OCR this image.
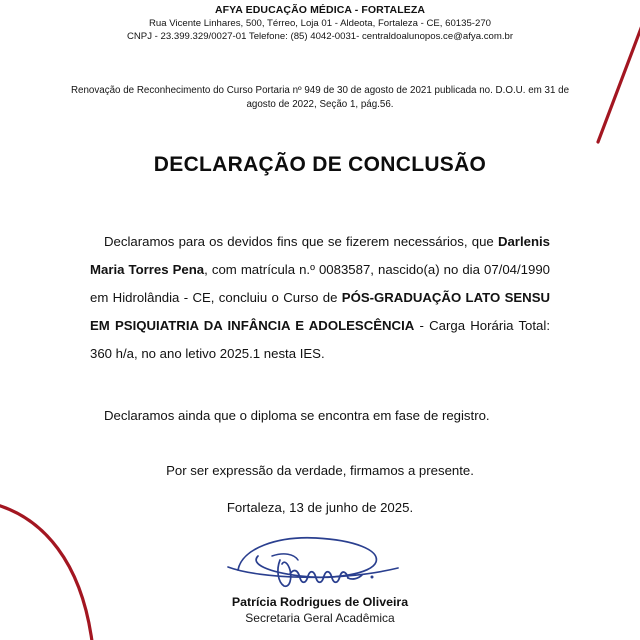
AFYA EDUCAÇÃO MÉDICA - FORTALEZA
Rua Vicente Linhares, 500, Térreo, Loja 01 - Aldeota, Fortaleza - CE, 60135-270
CNPJ - 23.399.329/0027-01 Telefone: (85) 4042-0031- centraldoalunopos.ce@afya.com.br
Renovação de Reconhecimento do Curso Portaria nº 949 de 30 de agosto de 2021 publicada no. D.O.U. em 31 de agosto de 2022, Seção 1, pág.56.
DECLARAÇÃO DE CONCLUSÃO

Declaramos para os devidos fins que se fizerem necessários, que Darlenis Maria Torres Pena, com matrícula n.º 0083587, nascido(a) no dia 07/04/1990 em Hidrolândia - CE, concluiu o Curso de PÓS-GRADUAÇÃO LATO SENSU EM PSIQUIATRIA DA INFÂNCIA E ADOLESCÊNCIA - Carga Horária Total: 360 h/a, no ano letivo 2025.1 nesta IES.

Declaramos ainda que o diploma se encontra em fase de registro.

Por ser expressão da verdade, firmamos a presente.
Fortaleza, 13 de junho de 2025.
Patrícia Rodrigues de Oliveira
Secretaria Geral Acadêmica
